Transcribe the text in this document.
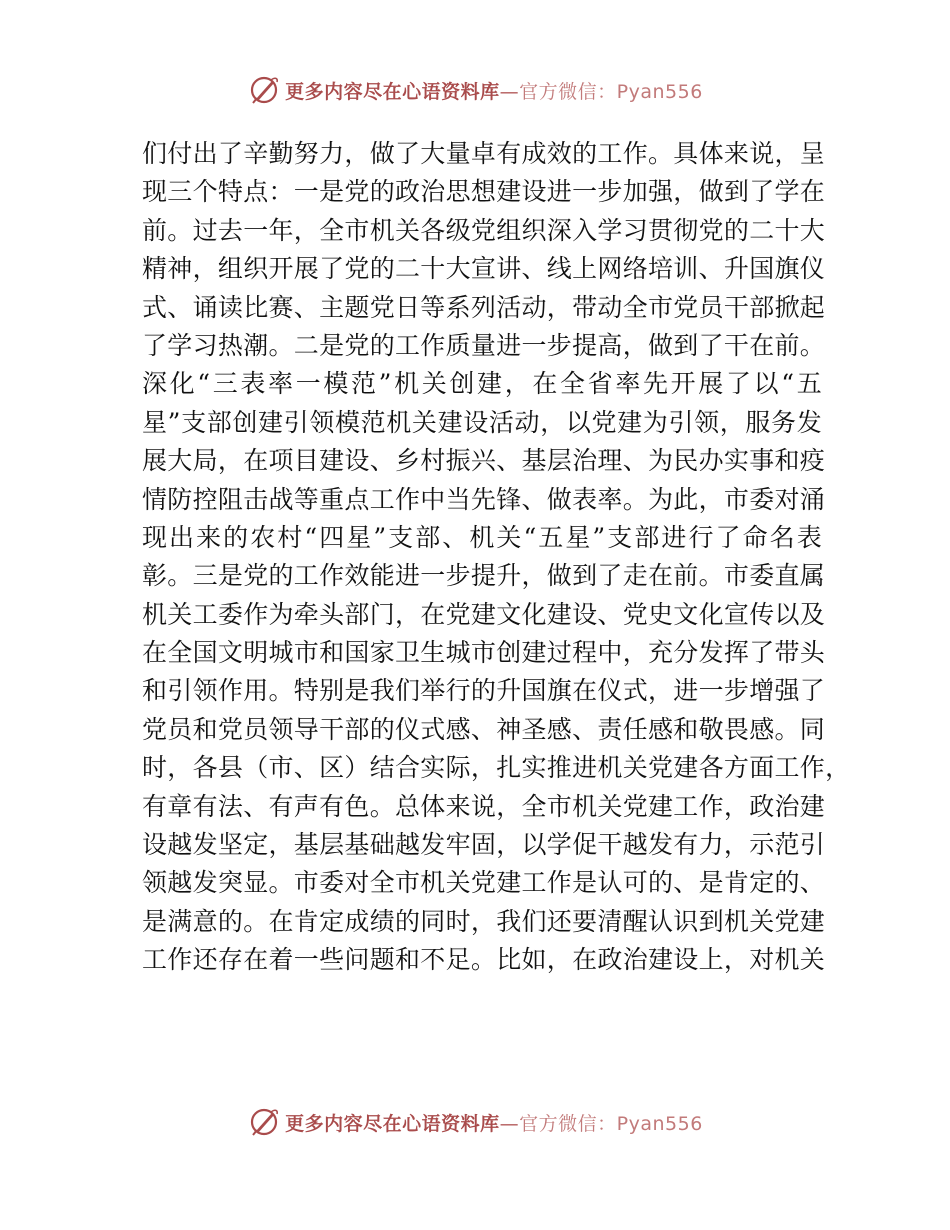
更多内容尽在心语资料库—官方微信：Pyan556
们付出了辛勤努力，做了大量卓有成效的工作。具体来说，呈
现三个特点：一是党的政治思想建设进一步加强，做到了学在
前。过去一年，全市机关各级党组织深入学习贯彻党的二十大
精神，组织开展了党的二十大宣讲、线上网络培训、升国旗仪
式、诵读比赛、主题党日等系列活动，带动全市党员干部掀起
了学习热潮。二是党的工作质量进一步提高，做到了干在前。
深化“三表率一模范”机关创建，在全省率先开展了以“五
星”支部创建引领模范机关建设活动，以党建为引领，服务发
展大局，在项目建设、乡村振兴、基层治理、为民办实事和疫
情防控阻击战等重点工作中当先锋、做表率。为此，市委对涌
现出来的农村“四星”支部、机关“五星”支部进行了命名表
彰。三是党的工作效能进一步提升，做到了走在前。市委直属
机关工委作为牵头部门，在党建文化建设、党史文化宣传以及
在全国文明城市和国家卫生城市创建过程中，充分发挥了带头
和引领作用。特别是我们举行的升国旗在仪式，进一步增强了
党员和党员领导干部的仪式感、神圣感、责任感和敬畏感。同
时，各县（市、区）结合实际，扎实推进机关党建各方面工作，
有章有法、有声有色。总体来说，全市机关党建工作，政治建
设越发坚定，基层基础越发牢固，以学促干越发有力，示范引
领越发突显。市委对全市机关党建工作是认可的、是肯定的、
是满意的。在肯定成绩的同时，我们还要清醒认识到机关党建
工作还存在着一些问题和不足。比如，在政治建设上，对机关
更多内容尽在心语资料库—官方微信：Pyan556
